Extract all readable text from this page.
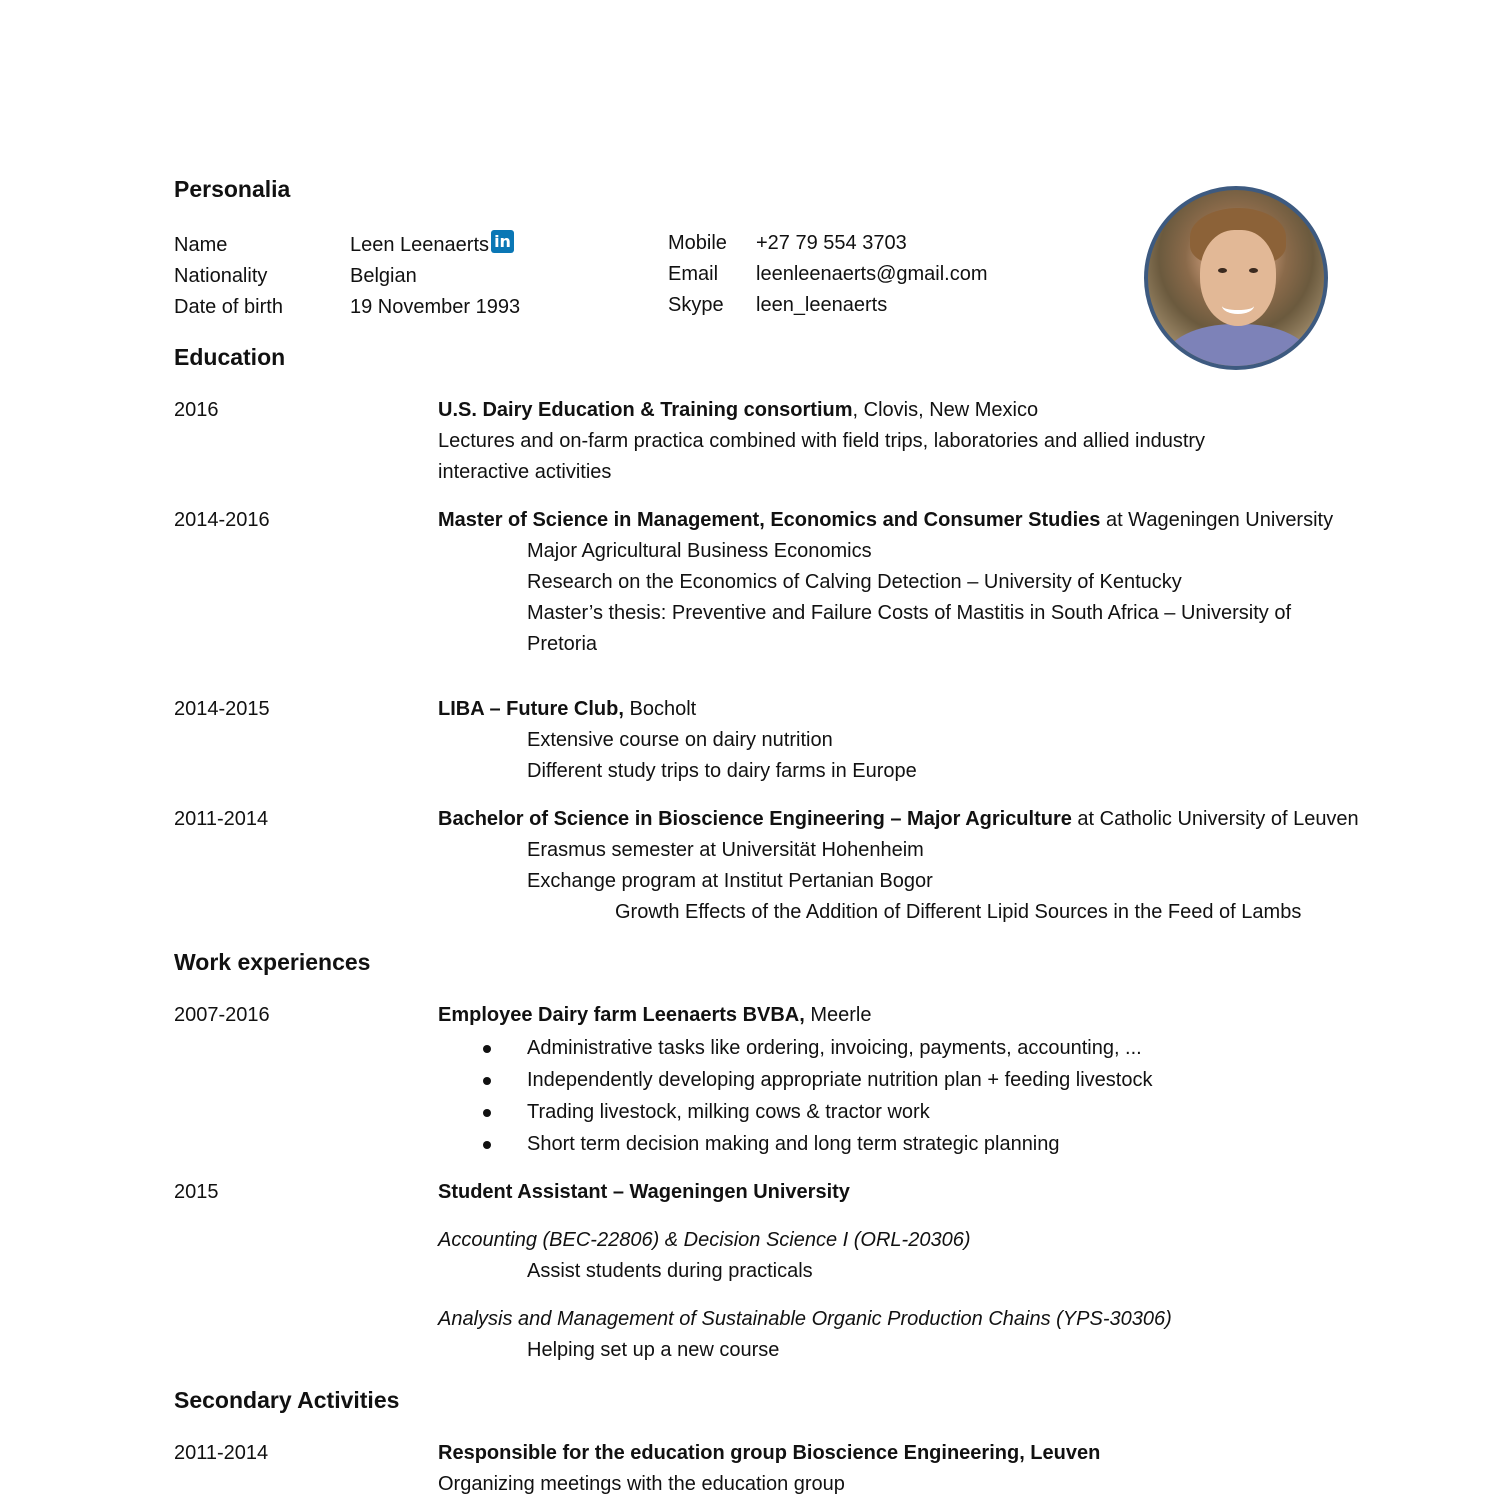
Personalia
Name	Leen Leenaerts in
Nationality	Belgian
Date of birth	19 November 1993
Mobile +27 79 554 3703
Email leenleenaerts@gmail.com
Skype leen_leenaerts
Education
2016	U.S. Dairy Education & Training consortium, Clovis, New Mexico
Lectures and on-farm practica combined with field trips, laboratories and allied industry
interactive activities
2014-2016	Master of Science in Management, Economics and Consumer Studies at Wageningen University
Major Agricultural Business Economics
Research on the Economics of Calving Detection – University of Kentucky
Master’s thesis: Preventive and Failure Costs of Mastitis in South Africa – University of
Pretoria
2014-2015	LIBA – Future Club, Bocholt
Extensive course on dairy nutrition
Different study trips to dairy farms in Europe
2011-2014	Bachelor of Science in Bioscience Engineering – Major Agriculture at Catholic University of Leuven
Erasmus semester at Universität Hohenheim
Exchange program at Institut Pertanian Bogor
Growth Effects of the Addition of Different Lipid Sources in the Feed of Lambs
Work experiences
2007-2016	Employee Dairy farm Leenaerts BVBA, Meerle
Administrative tasks like ordering, invoicing, payments, accounting, ...
Independently developing appropriate nutrition plan + feeding livestock
Trading livestock, milking cows & tractor work
Short term decision making and long term strategic planning
2015	Student Assistant – Wageningen University
Accounting (BEC-22806) & Decision Science I (ORL-20306)
Assist students during practicals
Analysis and Management of Sustainable Organic Production Chains (YPS-30306)
Helping set up a new course
Secondary Activities
2011-2014	Responsible for the education group Bioscience Engineering, Leuven
Organizing meetings with the education group
